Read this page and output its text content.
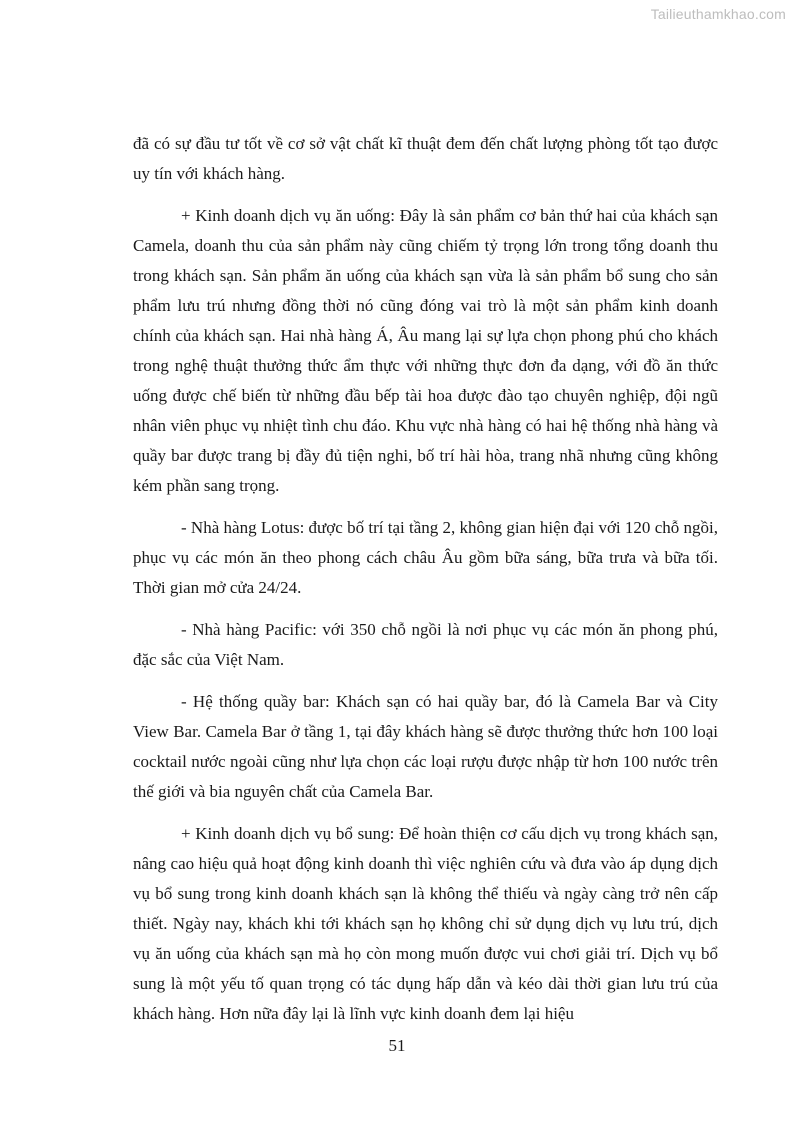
Tailieuthamkhao.com

đã có sự đầu tư tốt về cơ sở vật chất kĩ thuật đem đến chất lượng phòng tốt tạo được uy tín với khách hàng.

+ Kinh doanh dịch vụ ăn uống: Đây là sản phẩm cơ bản thứ hai của khách sạn Camela, doanh thu của sản phẩm này cũng chiếm tỷ trọng lớn trong tổng doanh thu trong khách sạn. Sản phẩm ăn uống của khách sạn vừa là sản phẩm bổ sung cho sản phẩm lưu trú nhưng đồng thời nó cũng đóng vai trò là một sản phẩm kinh doanh chính của khách sạn. Hai nhà hàng Á, Âu mang lại sự lựa chọn phong phú cho khách trong nghệ thuật thưởng thức ẩm thực với những thực đơn đa dạng, với đồ ăn thức uống được chế biến từ những đầu bếp tài hoa được đào tạo chuyên nghiệp, đội ngũ nhân viên phục vụ nhiệt tình chu đáo. Khu vực nhà hàng có hai hệ thống nhà hàng và quầy bar được trang bị đầy đủ tiện nghi, bố trí hài hòa, trang nhã nhưng cũng không kém phần sang trọng.

- Nhà hàng Lotus: được bố trí tại tầng 2, không gian hiện đại với 120 chỗ ngồi, phục vụ các món ăn theo phong cách châu Âu gồm bữa sáng, bữa trưa và bữa tối. Thời gian mở cửa 24/24.

- Nhà hàng Pacific: với 350 chỗ ngồi là nơi phục vụ các món ăn phong phú, đặc sắc của Việt Nam.

- Hệ thống quầy bar: Khách sạn có hai quầy bar, đó là Camela Bar và City View Bar. Camela Bar ở tầng 1, tại đây khách hàng sẽ được thưởng thức hơn 100 loại cocktail nước ngoài cũng như lựa chọn các loại rượu được nhập từ hơn 100 nước trên thế giới và bia nguyên chất của Camela Bar.

+ Kinh doanh dịch vụ bổ sung: Để hoàn thiện cơ cấu dịch vụ trong khách sạn, nâng cao hiệu quả hoạt động kinh doanh thì việc nghiên cứu và đưa vào áp dụng dịch vụ bổ sung trong kinh doanh khách sạn là không thể thiếu và ngày càng trở nên cấp thiết. Ngày nay, khách khi tới khách sạn họ không chỉ sử dụng dịch vụ lưu trú, dịch vụ ăn uống của khách sạn mà họ còn mong muốn được vui chơi giải trí. Dịch vụ bổ sung là một yếu tố quan trọng có tác dụng hấp dẫn và kéo dài thời gian lưu trú của khách hàng. Hơn nữa đây lại là lĩnh vực kinh doanh đem lại hiệu

51
